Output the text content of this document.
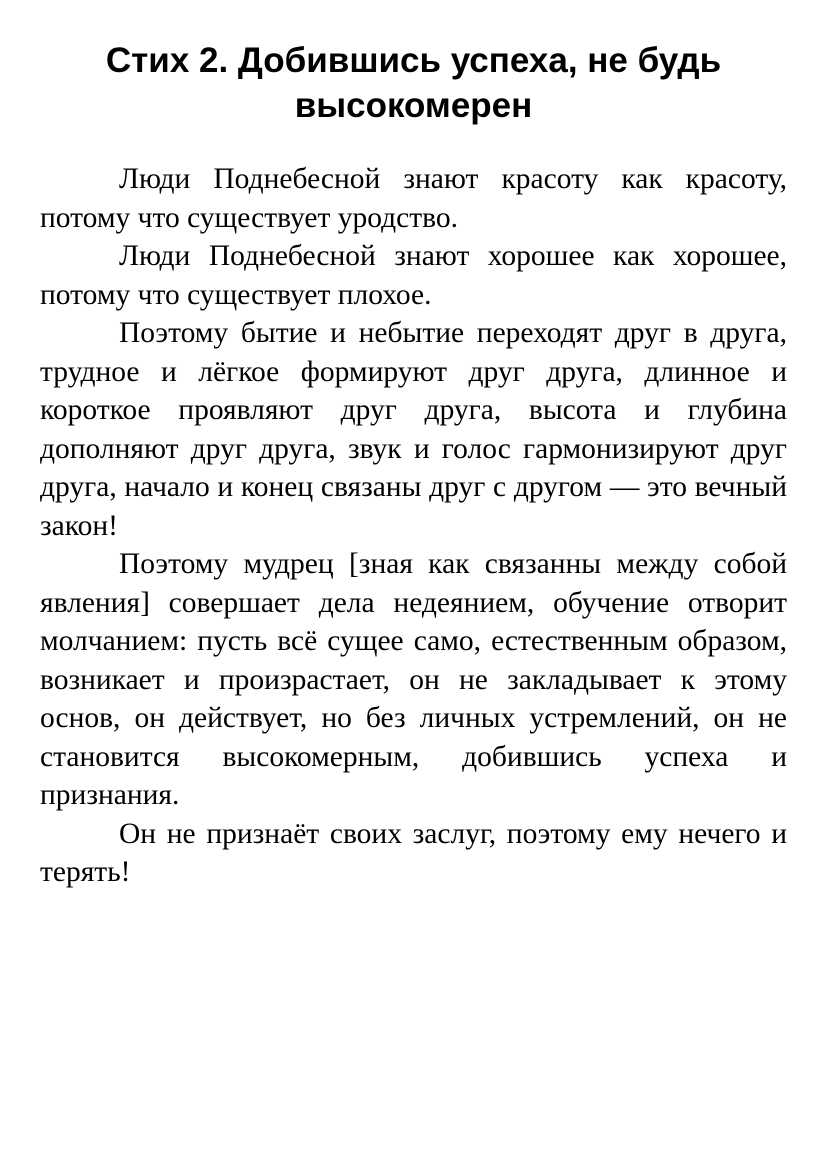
Стих 2. Добившись успеха, не будь высокомерен

Люди Поднебесной знают красоту как красоту, потому что существует уродство.

Люди Поднебесной знают хорошее как хорошее, потому что существует плохое.

Поэтому бытие и небытие переходят друг в друга, трудное и лёгкое формируют друг друга, длинное и короткое проявляют друг друга, высота и глубина дополняют друг друга, звук и голос гармонизируют друг друга, начало и конец связаны друг с другом — это вечный закон!

Поэтому мудрец [зная как связанны между собой явления] совершает дела недеянием, обучение отворит молчанием: пусть всё сущее само, естественным образом, возникает и произрастает, он не закладывает к этому основ, он действует, но без личных устремлений, он не становится высокомерным, добившись успеха и признания.

Он не признаёт своих заслуг, поэтому ему нечего и терять!
